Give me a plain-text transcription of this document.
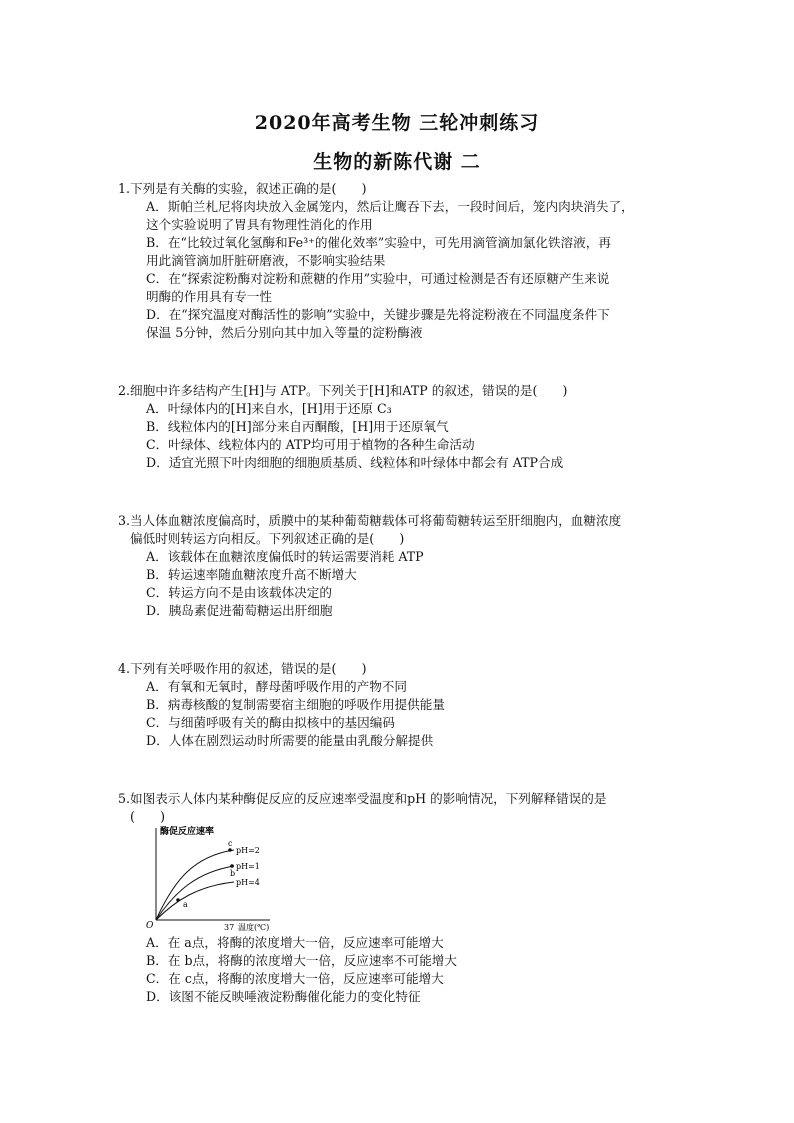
2020年高考生物 三轮冲刺练习
生物的新陈代谢 二
1.下列是有关酶的实验，叙述正确的是(　　)
A．斯帕兰札尼将肉块放入金属笼内，然后让鹰吞下去，一段时间后，笼内肉块消失了，
这个实验说明了胃具有物理性消化的作用
B．在“比较过氧化氢酶和Fe³⁺的催化效率”实验中，可先用滴管滴加氯化铁溶液，再
用此滴管滴加肝脏研磨液，不影响实验结果
C．在“探索淀粉酶对淀粉和蔗糖的作用”实验中，可通过检测是否有还原糖产生来说
明酶的作用具有专一性
D．在“探究温度对酶活性的影响”实验中，关键步骤是先将淀粉液在不同温度条件下
保温 5分钟，然后分别向其中加入等量的淀粉酶液
2.细胞中许多结构产生[H]与 ATP。下列关于[H]和ATP 的叙述，错误的是(　　)
A．叶绿体内的[H]来自水，[H]用于还原 C₃
B．线粒体内的[H]部分来自丙酮酸，[H]用于还原氧气
C．叶绿体、线粒体内的 ATP均可用于植物的各种生命活动
D．适宜光照下叶肉细胞的细胞质基质、线粒体和叶绿体中都会有 ATP合成
3.当人体血糖浓度偏高时，质膜中的某种葡萄糖载体可将葡萄糖转运至肝细胞内，血糖浓度
偏低时则转运方向相反。下列叙述正确的是(　　)
A．该载体在血糖浓度偏低时的转运需要消耗 ATP
B．转运速率随血糖浓度升高不断增大
C．转运方向不是由该载体决定的
D．胰岛素促进葡萄糖运出肝细胞
4.下列有关呼吸作用的叙述，错误的是(　　)
A．有氧和无氧时，酵母菌呼吸作用的产物不同
B．病毒核酸的复制需要宿主细胞的呼吸作用提供能量
C．与细菌呼吸有关的酶由拟核中的基因编码
D．人体在剧烈运动时所需要的能量由乳酸分解提供
5.如图表示人体内某种酶促反应的反应速率受温度和pH 的影响情况，下列解释错误的是
(　　)
酶促反应速率
O	37 温度(℃)
pH=2
pH=1
pH=4
c
b
a
A．在 a点，将酶的浓度增大一倍，反应速率可能增大
B．在 b点，将酶的浓度增大一倍，反应速率不可能增大
C．在 c点，将酶的浓度增大一倍，反应速率可能增大
D．该图不能反映唾液淀粉酶催化能力的变化特征
